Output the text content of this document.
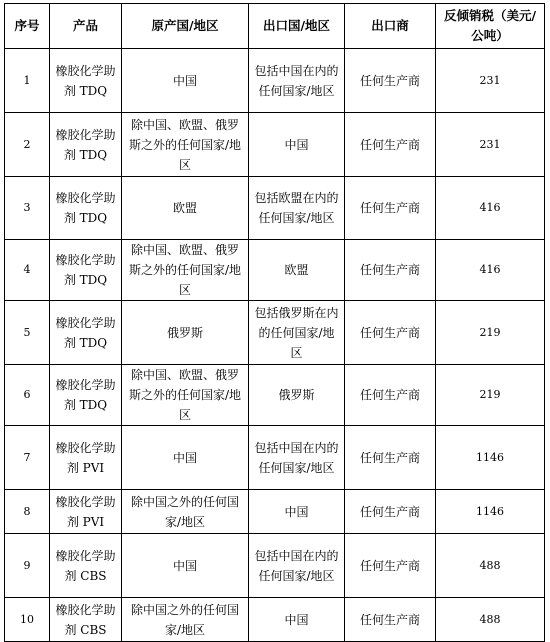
序号	产品	原产国/地区	出口国/地区	出口商	反倾销税（美元/公吨）
1	橡胶化学助剂 TDQ	中国	包括中国在内的任何国家/地区	任何生产商	231
2	橡胶化学助剂 TDQ	除中国、欧盟、俄罗斯之外的任何国家/地区	中国	任何生产商	231
3	橡胶化学助剂 TDQ	欧盟	包括欧盟在内的任何国家/地区	任何生产商	416
4	橡胶化学助剂 TDQ	除中国、欧盟、俄罗斯之外的任何国家/地区	欧盟	任何生产商	416
5	橡胶化学助剂 TDQ	俄罗斯	包括俄罗斯在内的任何国家/地区	任何生产商	219
6	橡胶化学助剂 TDQ	除中国、欧盟、俄罗斯之外的任何国家/地区	俄罗斯	任何生产商	219
7	橡胶化学助剂 PVI	中国	包括中国在内的任何国家/地区	任何生产商	1146
8	橡胶化学助剂 PVI	除中国之外的任何国家/地区	中国	任何生产商	1146
9	橡胶化学助剂 CBS	中国	包括中国在内的任何国家/地区	任何生产商	488
10	橡胶化学助剂 CBS	除中国之外的任何国家/地区	中国	任何生产商	488
